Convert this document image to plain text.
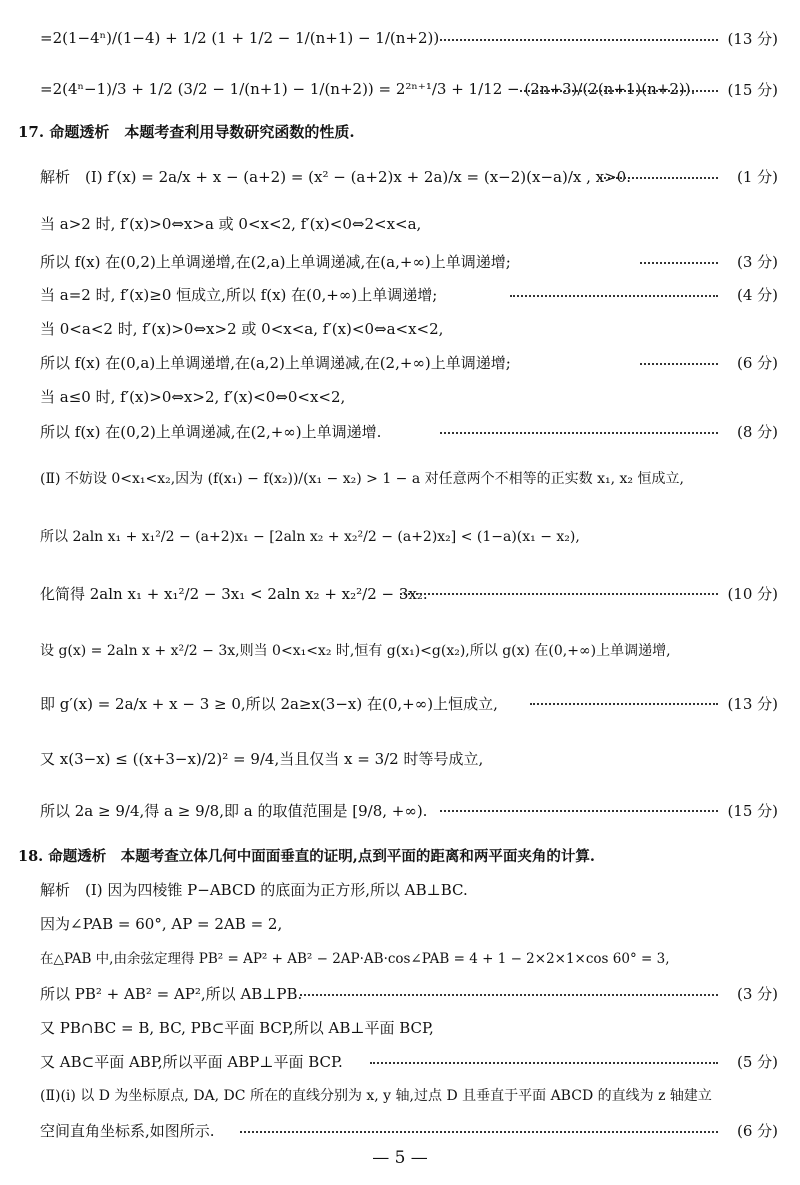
=2(1−4ⁿ)/(1−4) + 1/2 (1 + 1/2 − 1/(n+1) − 1/(n+2))	(13 分)
=2(4ⁿ−1)/3 + 1/2 (3/2 − 1/(n+1) − 1/(n+2)) = 2²ⁿ⁺¹/3 + 1/12 − (2n+3)/(2(n+1)(n+2)). (15 分)
17. 命题透析　本题考查利用导数研究函数的性质.
解析　(Ⅰ) f′(x) = 2a/x + x − (a+2) = (x² − (a+2)x + 2a)/x = (x−2)(x−a)/x , x>0.	(1 分)
当 a>2 时, f′(x)>0⇔x>a 或 0<x<2, f′(x)<0⇔2<x<a,
所以 f(x) 在(0,2)上单调递增,在(2,a)上单调递减,在(a,+∞)上单调递增;	(3 分)
当 a=2 时, f′(x)≥0 恒成立,所以 f(x) 在(0,+∞)上单调递增;	(4 分)
当 0<a<2 时, f′(x)>0⇔x>2 或 0<x<a, f′(x)<0⇔a<x<2,
所以 f(x) 在(0,a)上单调递增,在(a,2)上单调递减,在(2,+∞)上单调递增;	(6 分)
当 a≤0 时, f′(x)>0⇔x>2, f′(x)<0⇔0<x<2,
所以 f(x) 在(0,2)上单调递减,在(2,+∞)上单调递增.	(8 分)
(Ⅱ) 不妨设 0<x₁<x₂,因为 (f(x₁) − f(x₂))/(x₁ − x₂) > 1 − a 对任意两个不相等的正实数 x₁, x₂ 恒成立,
所以 2aln x₁ + x₁²/2 − (a+2)x₁ − [2aln x₂ + x₂²/2 − (a+2)x₂] < (1−a)(x₁ − x₂),
化简得 2aln x₁ + x₁²/2 − 3x₁ < 2aln x₂ + x₂²/2 − 3x₂.	(10 分)
设 g(x) = 2aln x + x²/2 − 3x,则当 0<x₁<x₂ 时,恒有 g(x₁)<g(x₂),所以 g(x) 在(0,+∞)上单调递增,
即 g′(x) = 2a/x + x − 3 ≥ 0,所以 2a≥x(3−x) 在(0,+∞)上恒成立,	(13 分)
又 x(3−x) ≤ ((x+3−x)/2)² = 9/4,当且仅当 x = 3/2 时等号成立,
所以 2a ≥ 9/4,得 a ≥ 9/8,即 a 的取值范围是 [9/8, +∞).	(15 分)
18. 命题透析　本题考查立体几何中面面垂直的证明,点到平面的距离和两平面夹角的计算.
解析　(Ⅰ) 因为四棱锥 P−ABCD 的底面为正方形,所以 AB⊥BC.
因为∠PAB = 60°, AP = 2AB = 2,
在△PAB 中,由余弦定理得 PB² = AP² + AB² − 2AP·AB·cos∠PAB = 4 + 1 − 2×2×1×cos 60° = 3,
所以 PB² + AB² = AP²,所以 AB⊥PB.	(3 分)
又 PB∩BC = B, BC, PB⊂平面 BCP,所以 AB⊥平面 BCP,
又 AB⊂平面 ABP,所以平面 ABP⊥平面 BCP.	(5 分)
(Ⅱ)(ⅰ) 以 D 为坐标原点, DA, DC 所在的直线分别为 x, y 轴,过点 D 且垂直于平面 ABCD 的直线为 z 轴建立
空间直角坐标系,如图所示.	(6 分)
— 5 —
